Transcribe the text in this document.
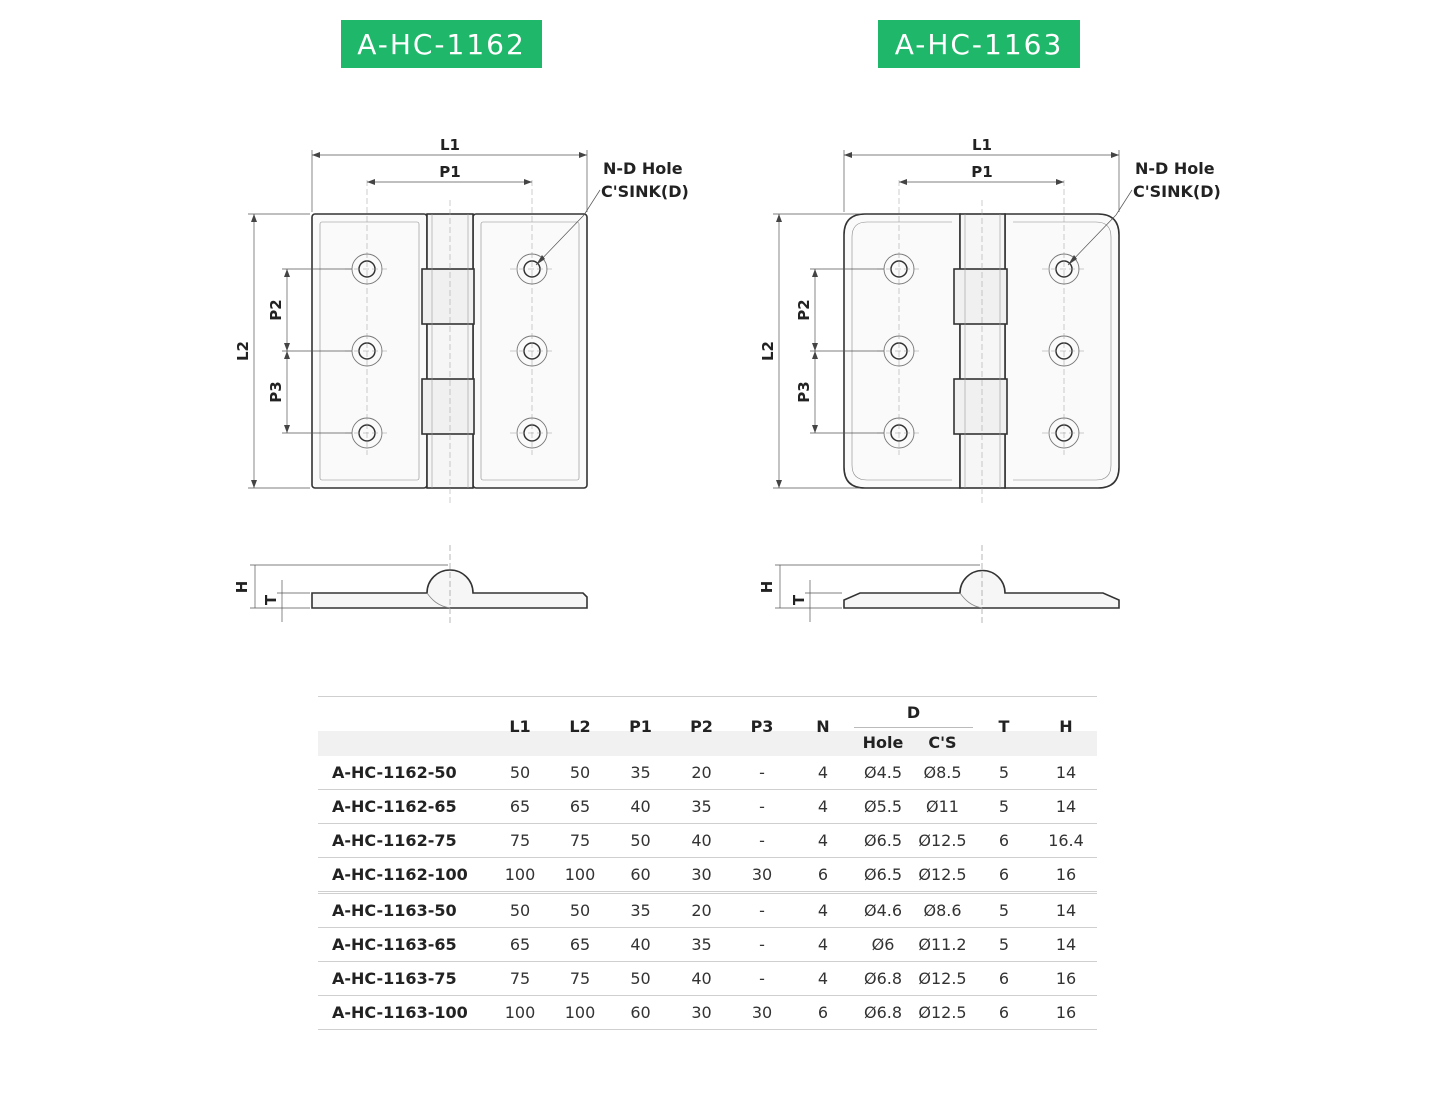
A-HC-1162	A-HC-1163
L1
P1
L2
P2
P3
N-D Hole
C'SINK(D)
H
T
L1
P1
L2
P2
P3
N-D Hole
C'SINK(D)
H
T
	L1	L2	P1	P2	P3	N	D		T	H
							Hole	C'S		
A-HC-1162-50	50	50	35	20	-	4	Ø4.5	Ø8.5	5	14
A-HC-1162-65	65	65	40	35	-	4	Ø5.5	Ø11	5	14
A-HC-1162-75	75	75	50	40	-	4	Ø6.5	Ø12.5	6	16.4
A-HC-1162-100	100	100	60	30	30	6	Ø6.5	Ø12.5	6	16
A-HC-1163-50	50	50	35	20	-	4	Ø4.6	Ø8.6	5	14
A-HC-1163-65	65	65	40	35	-	4	Ø6	Ø11.2	5	14
A-HC-1163-75	75	75	50	40	-	4	Ø6.8	Ø12.5	6	16
A-HC-1163-100	100	100	60	30	30	6	Ø6.8	Ø12.5	6	16
